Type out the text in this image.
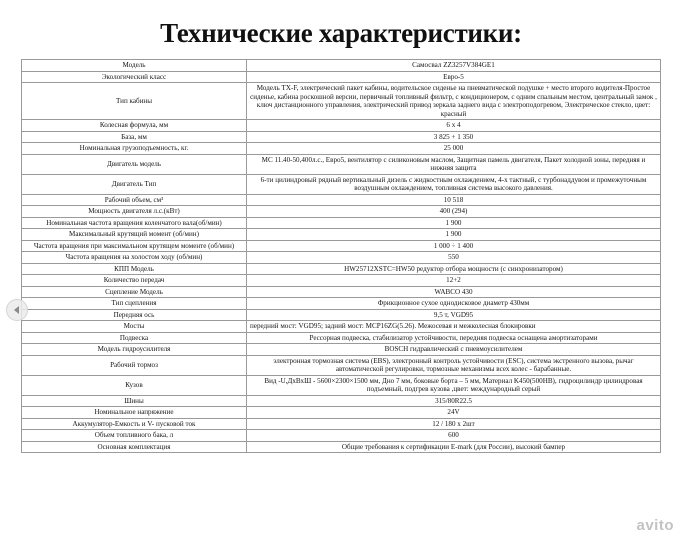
Технические характеристики:
Модель	Самосвал ZZ3257V384GE1
Экологический класс	Евро-5
Тип кабины	Модель TX-F, электрический пакет кабины, водительское сиденье на пневматической подушке + место второго водителя-Простое сиденье, кабина роскошной версии, первичный топливный фильтр, с кондиционером, с одним спальным местом, центральный замок , ключ дистанционного управления, электрический привод зеркала заднего вида с электроподогревом, Электрическое стекло, цвет: красный
Колесная формула, мм	6 х 4
База, мм	3 825 + 1 350
Номинальная грузоподъемность, кг.	25 000
Двигатель модель	МС 11.40-50,400л.с., Евро5, вентилятор с силиконовым маслом, Защитная памель двигателя, Пакет холодной зоны, передняя и нижняя защита
Двигатель Тип	6-ти цилиндровый рядный вертикальный дизель с жидкостным охлаждением, 4-х тактный, с турбонаддувом и промежуточным воздушным охлаждением, топливная система высокого давления.
Рабочий объем, см³	10 518
Мощность двигателя л.с.(кВт)	400 (294)
Номинальная частота вращения коленчатого вала(об/мин)	1 900
Максимальный крутящий момент (об/мин)	1 900
Частота вращения при максимальном крутящем моменте (об/мин)	1 000 ÷ 1 400
Частота вращения на холостом ходу (об/мин)	550
КПП Модель	HW25712XSTC=HW50 редуктор отбора мощности (с синхронизатором)
Количество передач	12+2
Сцепление Модель	WABCO 430
Тип сцепления	Фрикционное сухое однодисковое диаметр 430мм
Передняя ось	9,5 т, VGD95
Мосты	передний мост: VGD95; задний мост: MCP16ZG(5.26). Межосевая и межколесная блокировки
Подвеска	Рессорная подвеска, стабилизатор устойчивости, передняя подвеска оснащена амортизаторами
Модель гидроусилителя	BOSCH гидравлический с пневмоусилителем
Рабочий тормоз	электронная тормозная система (EBS), электронный контроль устойчивости (ESC), система экстренного вызова, рычаг автоматической регулировки, тормозные механизмы всех колес - барабанные.
Кузов	Вид -U,ДхВхШ - 5600×2300×1500 мм, Дно 7 мм, боковые борта – 5 мм, Материал K450(500HB), гидроцилиндр цилиндровая подъемный, подгрев кузова ,цвет: международный серый
Шины	315/80R22.5
Номинальное напряжение	24V
Аккумулятор-Емкость и V- пусковой ток	12 / 180 x 2шт
Объем топливного бака, л	600
Основная комплектация	Общие требования к сертификации E-mark (для России), высокий бампер
avito
